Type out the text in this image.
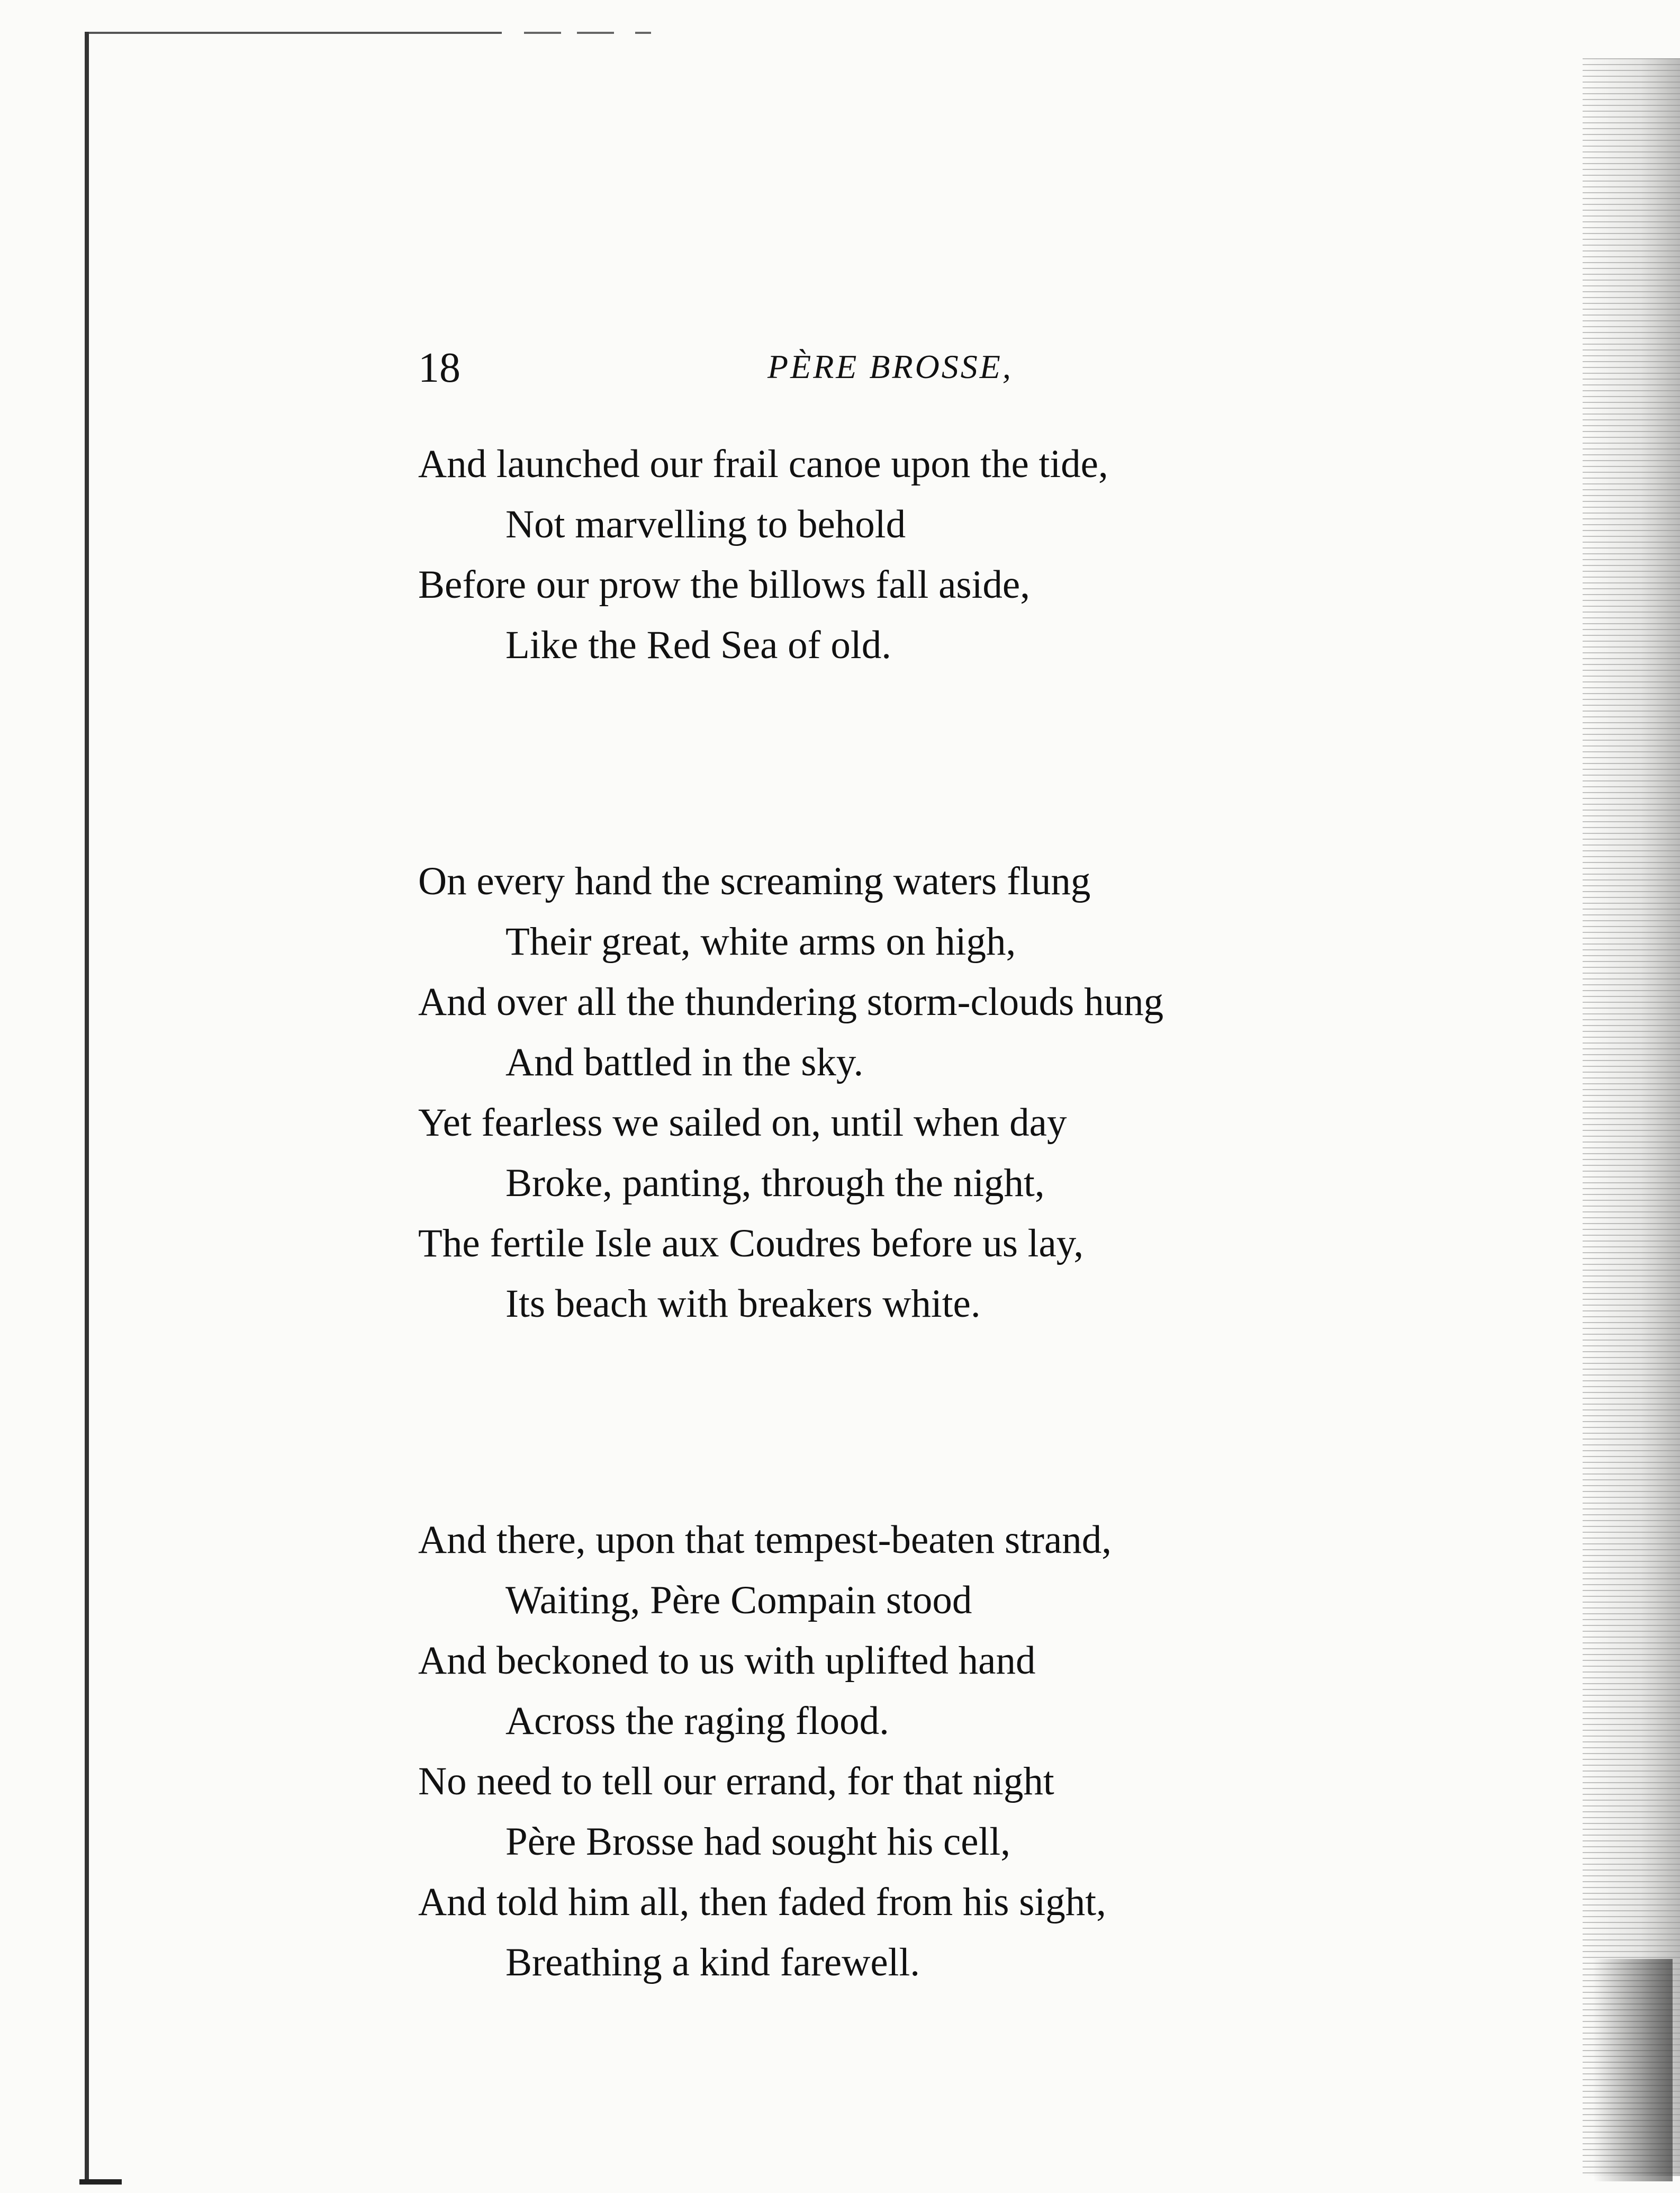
18	PÈRE BROSSE,
And launched our frail canoe upon the tide,
Not marvelling to behold
Before our prow the billows fall aside,
Like the Red Sea of old.
On every hand the screaming waters flung
Their great, white arms on high,
And over all the thundering storm-clouds hung
And battled in the sky.
Yet fearless we sailed on, until when day
Broke, panting, through the night,
The fertile Isle aux Coudres before us lay,
Its beach with breakers white.
And there, upon that tempest-beaten strand,
Waiting, Père Compain stood
And beckoned to us with uplifted hand
Across the raging flood.
No need to tell our errand, for that night
Père Brosse had sought his cell,
And told him all, then faded from his sight,
Breathing a kind farewell.
